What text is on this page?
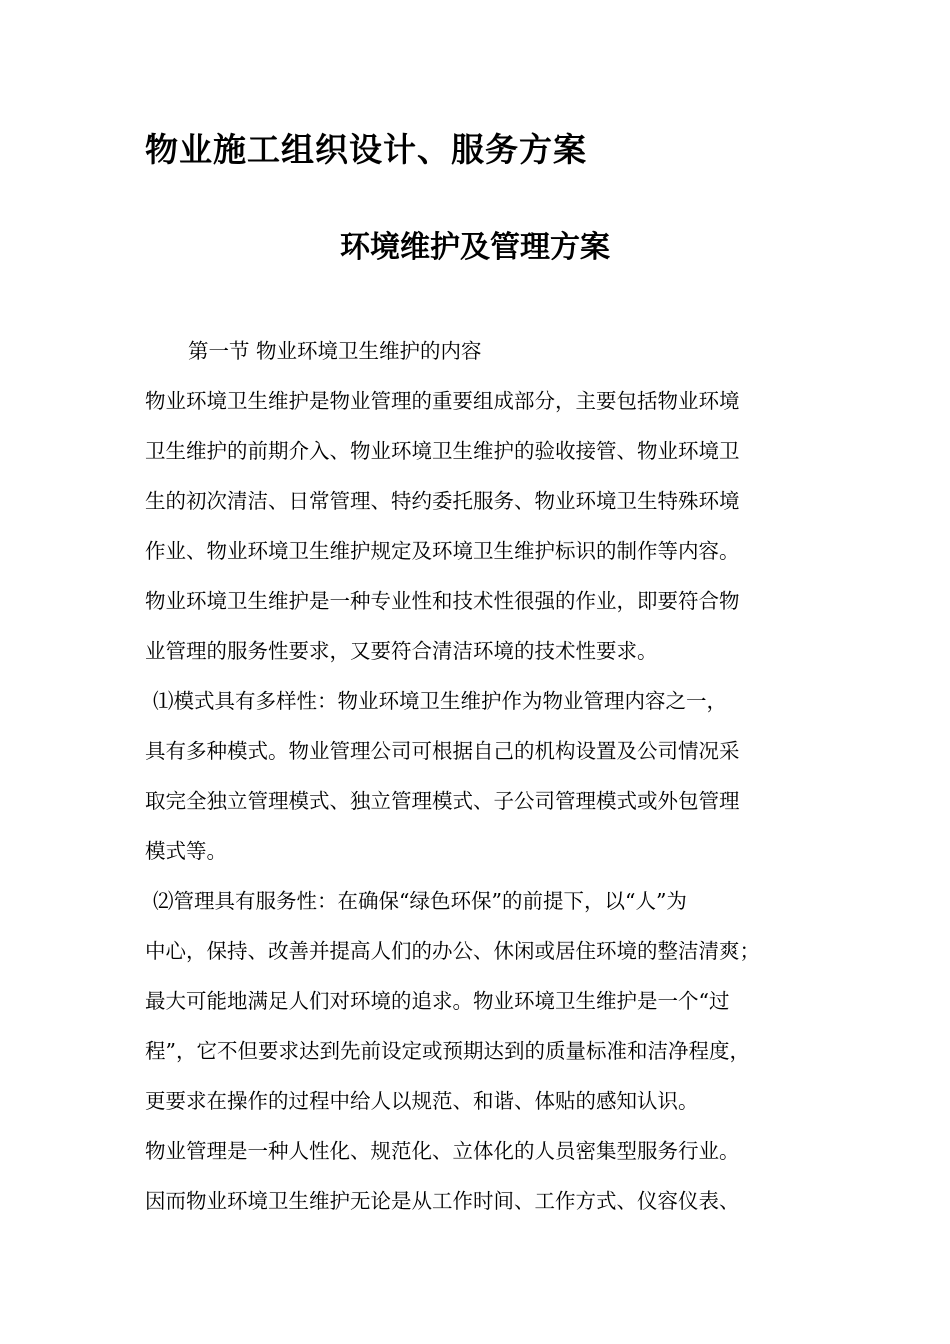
物业施工组织设计、服务方案
环境维护及管理方案
第一节 物业环境卫生维护的内容
物业环境卫生维护是物业管理的重要组成部分，主要包括物业环境
卫生维护的前期介入、物业环境卫生维护的验收接管、物业环境卫
生的初次清洁、日常管理、特约委托服务、物业环境卫生特殊环境
作业、物业环境卫生维护规定及环境卫生维护标识的制作等内容。
物业环境卫生维护是一种专业性和技术性很强的作业，即要符合物
业管理的服务性要求，又要符合清洁环境的技术性要求。
⑴模式具有多样性：物业环境卫生维护作为物业管理内容之一，
具有多种模式。物业管理公司可根据自己的机构设置及公司情况采
取完全独立管理模式、独立管理模式、子公司管理模式或外包管理
模式等。
⑵管理具有服务性：在确保“绿色环保”的前提下，以“人”为
中心，保持、改善并提高人们的办公、休闲或居住环境的整洁清爽；
最大可能地满足人们对环境的追求。物业环境卫生维护是一个“过
程”，它不但要求达到先前设定或预期达到的质量标准和洁净程度，
更要求在操作的过程中给人以规范、和谐、体贴的感知认识。
物业管理是一种人性化、规范化、立体化的人员密集型服务行业。
因而物业环境卫生维护无论是从工作时间、工作方式、仪容仪表、
